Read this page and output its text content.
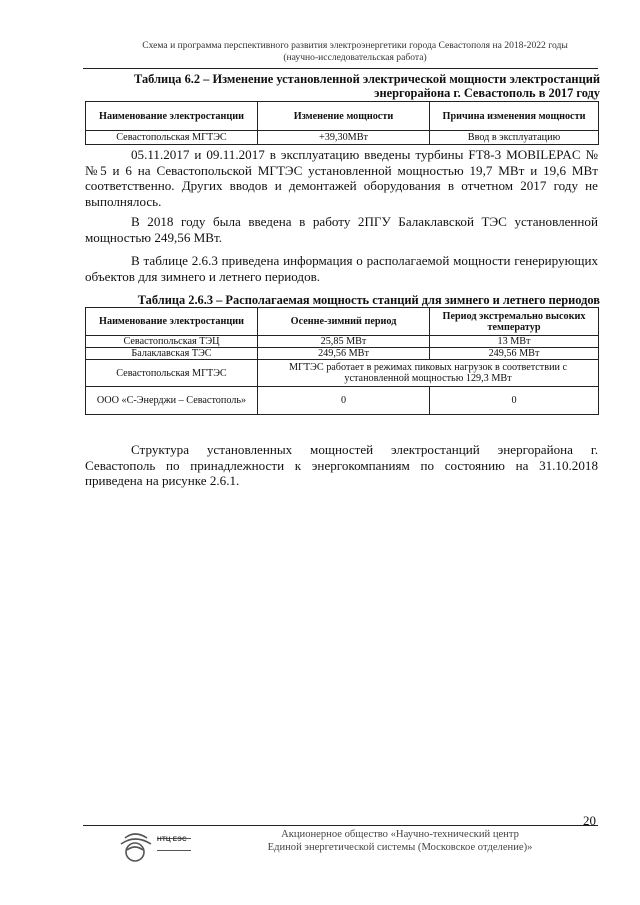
Схема и программа перспективного развития электроэнергетики города Севастополя на 2018-2022 годы
(научно-исследовательская работа)
Таблица 6.2 – Изменение установленной электрической мощности электростанций
энергорайона г. Севастополь в 2017 году
Наименование электростанции	Изменение мощности	Причина изменения мощности
Севастопольская МГТЭС	+39,30МВт	Ввод в эксплуатацию
05.11.2017 и 09.11.2017 в эксплуатацию введены турбины FT8-3 MOBILEPAC №№5 и 6 на Севастопольской МГТЭС установленной мощностью 19,7 МВт и 19,6 МВт соответственно. Других вводов и демонтажей оборудования в отчетном 2017 году не выполнялось.
В 2018 году была введена в работу 2ПГУ Балаклавской ТЭС установленной мощностью 249,56 МВт.
В таблице 2.6.3 приведена информация о располагаемой мощности генерирующих объектов для зимнего и летнего периодов.
Таблица 2.6.3 – Располагаемая мощность станций для зимнего и летнего периодов
Наименование электростанции	Осенне-зимний период	Период экстремально высоких температур
Севастопольская ТЭЦ	25,85 МВт	13 МВт
Балаклавская ТЭС	249,56 МВт	249,56 МВт
Севастопольская МГТЭС	МГТЭС работает в режимах пиковых нагрузок в соответствии с установленной мощностью 129,3 МВт	
ООО «С-Энерджи – Севастополь»	0	0
Структура установленных мощностей электростанций энергорайона г. Севастополь по принадлежности к энергокомпаниям по состоянию на 31.10.2018 приведена на рисунке 2.6.1.
20
НТЦ ЕЭС	Акционерное общество «Научно-технический центр
Единой энергетической системы (Московское отделение)»
